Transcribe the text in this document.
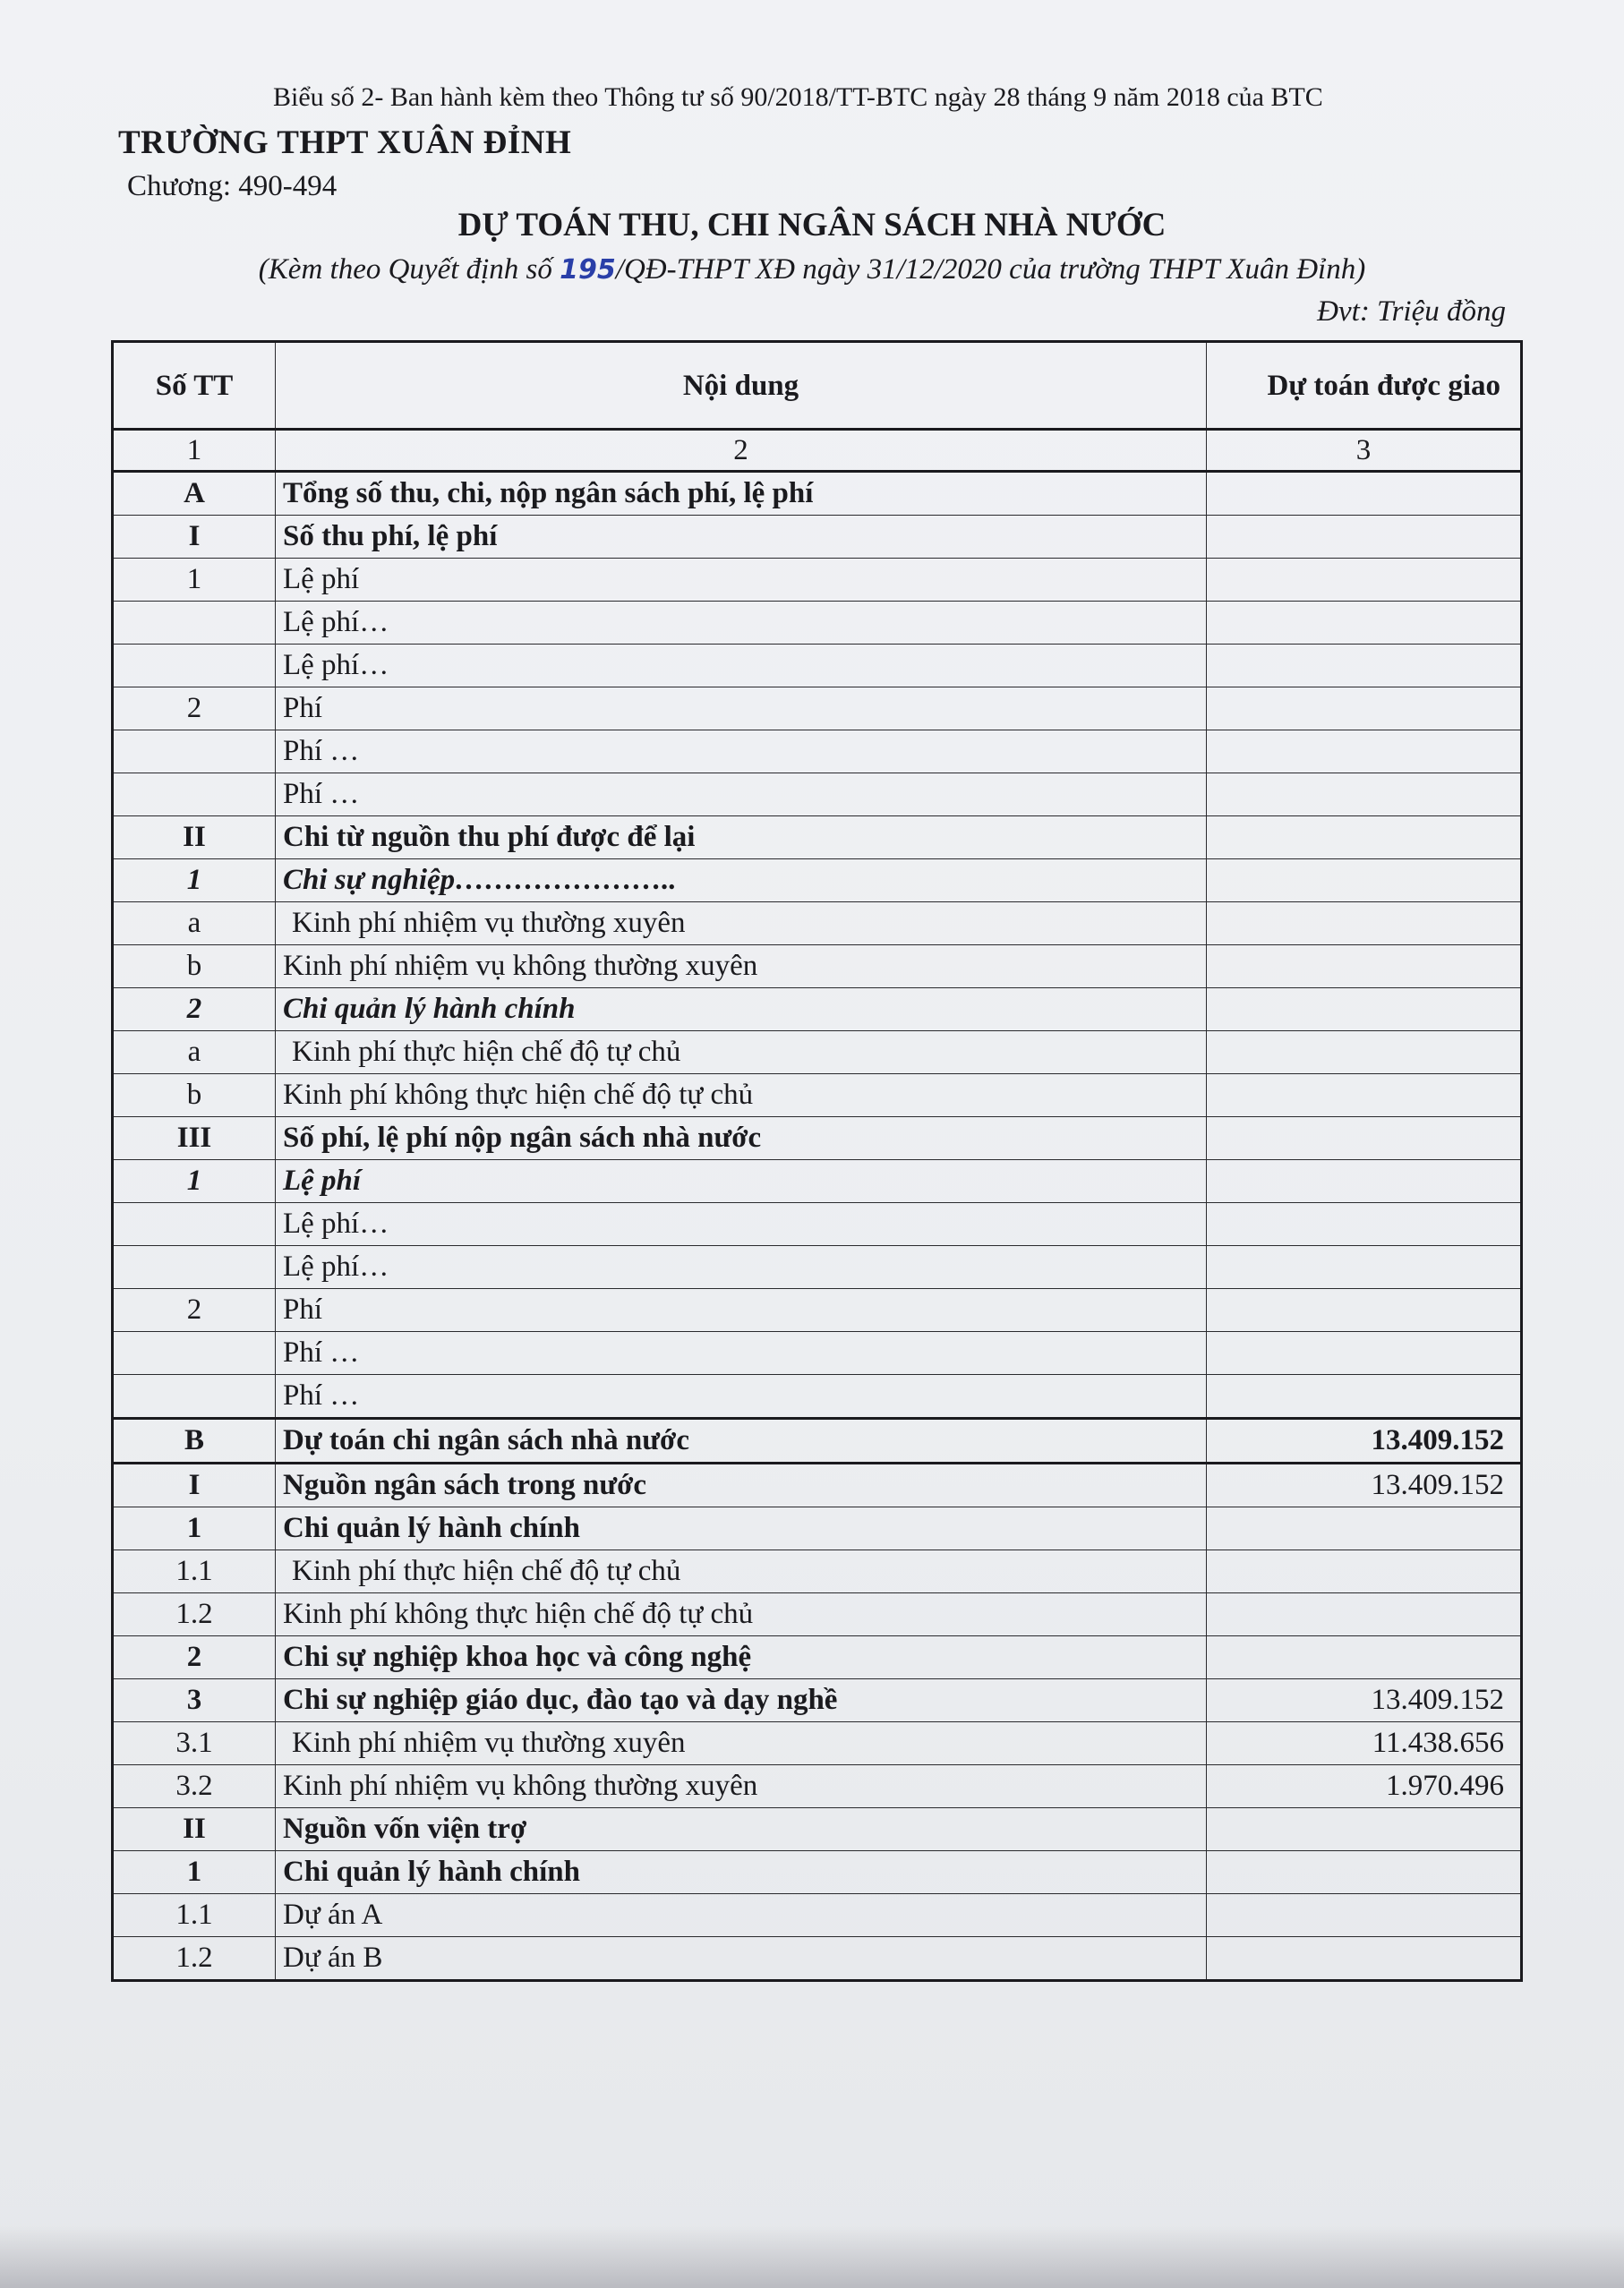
Biểu số 2- Ban hành kèm theo Thông tư số 90/2018/TT-BTC ngày 28 tháng 9 năm 2018 của BTC
TRƯỜNG THPT XUÂN ĐỈNH
Chương: 490-494
DỰ TOÁN THU, CHI NGÂN SÁCH NHÀ NƯỚC
(Kèm theo Quyết định số 195/QĐ-THPT XĐ ngày 31/12/2020 của trường THPT Xuân Đỉnh)
Đvt: Triệu đồng
Số TT	Nội dung	Dự toán được giao
1	2	3
A	Tổng số thu, chi, nộp ngân sách phí, lệ phí	
I	Số thu phí, lệ phí	
1	Lệ phí	
	Lệ phí…	
	Lệ phí…	
2	Phí	
	Phí …	
	Phí …	
II	Chi từ nguồn thu phí được để lại	
1	Chi sự nghiệp…………………..	
a	Kinh phí nhiệm vụ thường xuyên	
b	Kinh phí nhiệm vụ không thường xuyên	
2	Chi quản lý hành chính	
a	Kinh phí thực hiện chế độ tự chủ	
b	Kinh phí không thực hiện chế độ tự chủ	
III	Số phí, lệ phí nộp ngân sách nhà nước	
1	Lệ phí	
	Lệ phí…	
	Lệ phí…	
2	Phí	
	Phí …	
	Phí …	
B	Dự toán chi ngân sách nhà nước	13.409.152
I	Nguồn ngân sách trong nước	13.409.152
1	Chi quản lý hành chính	
1.1	Kinh phí thực hiện chế độ tự chủ	
1.2	Kinh phí không thực hiện chế độ tự chủ	
2	Chi sự nghiệp khoa học và công nghệ	
3	Chi sự nghiệp giáo dục, đào tạo và dạy nghề	13.409.152
3.1	Kinh phí nhiệm vụ thường xuyên	11.438.656
3.2	Kinh phí nhiệm vụ không thường xuyên	1.970.496
II	Nguồn vốn viện trợ	
1	Chi quản lý hành chính	
1.1	Dự án A	
1.2	Dự án B	
